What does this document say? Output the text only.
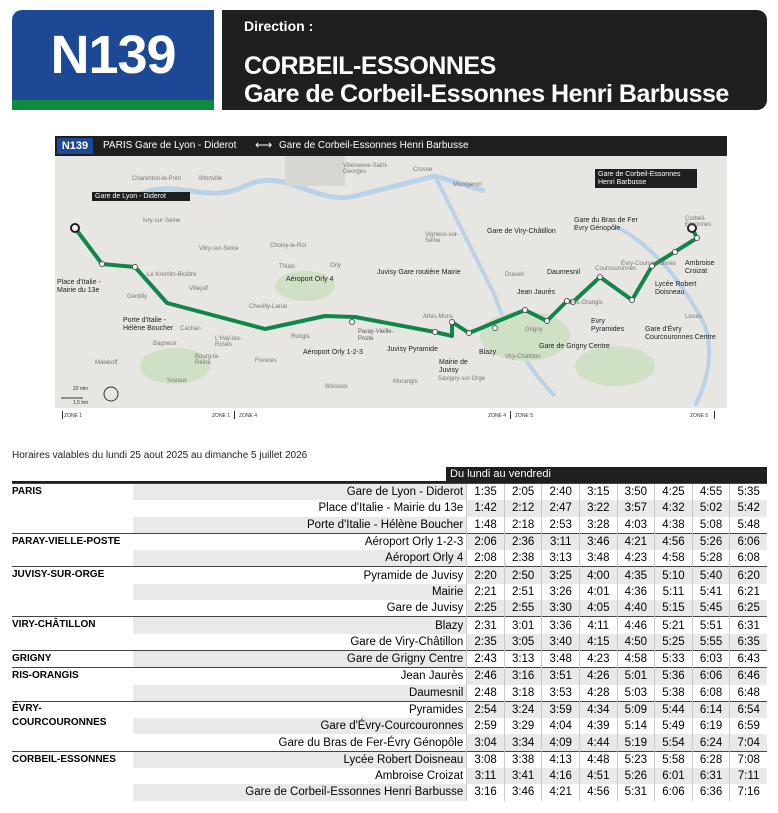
N139	Direction :
CORBEIL-ESSONNES
Gare de Corbeil-Essonnes Henri Barbusse
Gare de Lyon - Diderot
Place d'Italie - Mairie du 13e
Porte d'Italie - Hélène Boucher
Aéroport Orly 4
Aéroport Orly 1-2-3
Paray-Vieille-Poste
Juvisy Gare routière Mairie
Juvisy Pyramide
Mairie de Juvisy
Blazy
Gare de Viry-Châtillon
Gare de Grigny Centre
Jean Jaurès
Daumesnil
Evry Pyramides
Gare du Bras de Fer Evry Génopôle
Gare d'Évry Courcouronnes Centre
Lycée Robert Doisneau
Ambroise Croizat
Gare de Corbeil-Essonnes Henri Barbusse
Charenton-le-Pont	Alfortville
Ivry-sur-Seine
Vitry-sur-Seine
Villejuif
Le Kremlin-Bicêtre
Gentilly
Choisy-le-Roi
Orly
Thiais
Rungis
Chevilly-Larue
Athis-Mons
Draveil
Grigny
Ris-Orangis
Lisses
Villeneuve-Saint-Georges	Crosne
Montgeron
Viry-Châtillon
Savigny-sur-Orge
Morangis
Wissous
Fresnes
Cachan
Bagneux
Malakoff
L'Haÿ-les-Roses
Bourg-la-Reine
Sceaux
Courcouronnes
Corbeil-Essonnes
Vigneux-sur-Seine
Évry-Courcouronnes
20 min
1,5 km
N139	PARIS Gare de Lyon - Diderot ⟷ Gare de Corbeil-Essonnes Henri Barbusse
ZONE 1	ZONE 1 ZONE 4	ZONE 4 ZONE 5	ZONE 5
Horaires valables du lundi 25 aout 2025 au dimanche 5 juillet 2026
Du lundi au vendredi
PARIS	Gare de Lyon - Diderot	1:35	2:05	2:40	3:15	3:50	4:25	4:55	5:35
	Place d'Italie - Mairie du 13e	1:42	2:12	2:47	3:22	3:57	4:32	5:02	5:42
	Porte d'Italie - Hélène Boucher	1:48	2:18	2:53	3:28	4:03	4:38	5:08	5:48
PARAY-VIELLE-POSTE	Aéroport Orly 1-2-3	2:06	2:36	3:11	3:46	4:21	4:56	5:26	6:06
	Aéroport Orly 4	2:08	2:38	3:13	3:48	4:23	4:58	5:28	6:08
JUVISY-SUR-ORGE	Pyramide de Juvisy	2:20	2:50	3:25	4:00	4:35	5:10	5:40	6:20
	Mairie	2:21	2:51	3:26	4:01	4:36	5:11	5:41	6:21
	Gare de Juvisy	2:25	2:55	3:30	4:05	4:40	5:15	5:45	6:25
VIRY-CHÂTILLON	Blazy	2:31	3:01	3:36	4:11	4:46	5:21	5:51	6:31
	Gare de Viry-Châtillon	2:35	3:05	3:40	4:15	4:50	5:25	5:55	6:35
GRIGNY	Gare de Grigny Centre	2:43	3:13	3:48	4:23	4:58	5:33	6:03	6:43
RIS-ORANGIS	Jean Jaurès	2:46	3:16	3:51	4:26	5:01	5:36	6:06	6:46
	Daumesnil	2:48	3:18	3:53	4:28	5:03	5:38	6:08	6:48

ÉVRY-
COURCOURONNES	Pyramides	2:54	3:24	3:59	4:34	5:09	5:44	6:14	6:54
	Gare d'Évry-Courcouronnes	2:59	3:29	4:04	4:39	5:14	5:49	6:19	6:59
	Gare du Bras de Fer-Évry Génopôle	3:04	3:34	4:09	4:44	5:19	5:54	6:24	7:04
CORBEIL-ESSONNES	Lycée Robert Doisneau	3:08	3:38	4:13	4:48	5:23	5:58	6:28	7:08
	Ambroise Croizat	3:11	3:41	4:16	4:51	5:26	6:01	6:31	7:11
	Gare de Corbeil-Essonnes Henri Barbusse	3:16	3:46	4:21	4:56	5:31	6:06	6:36	7:16
